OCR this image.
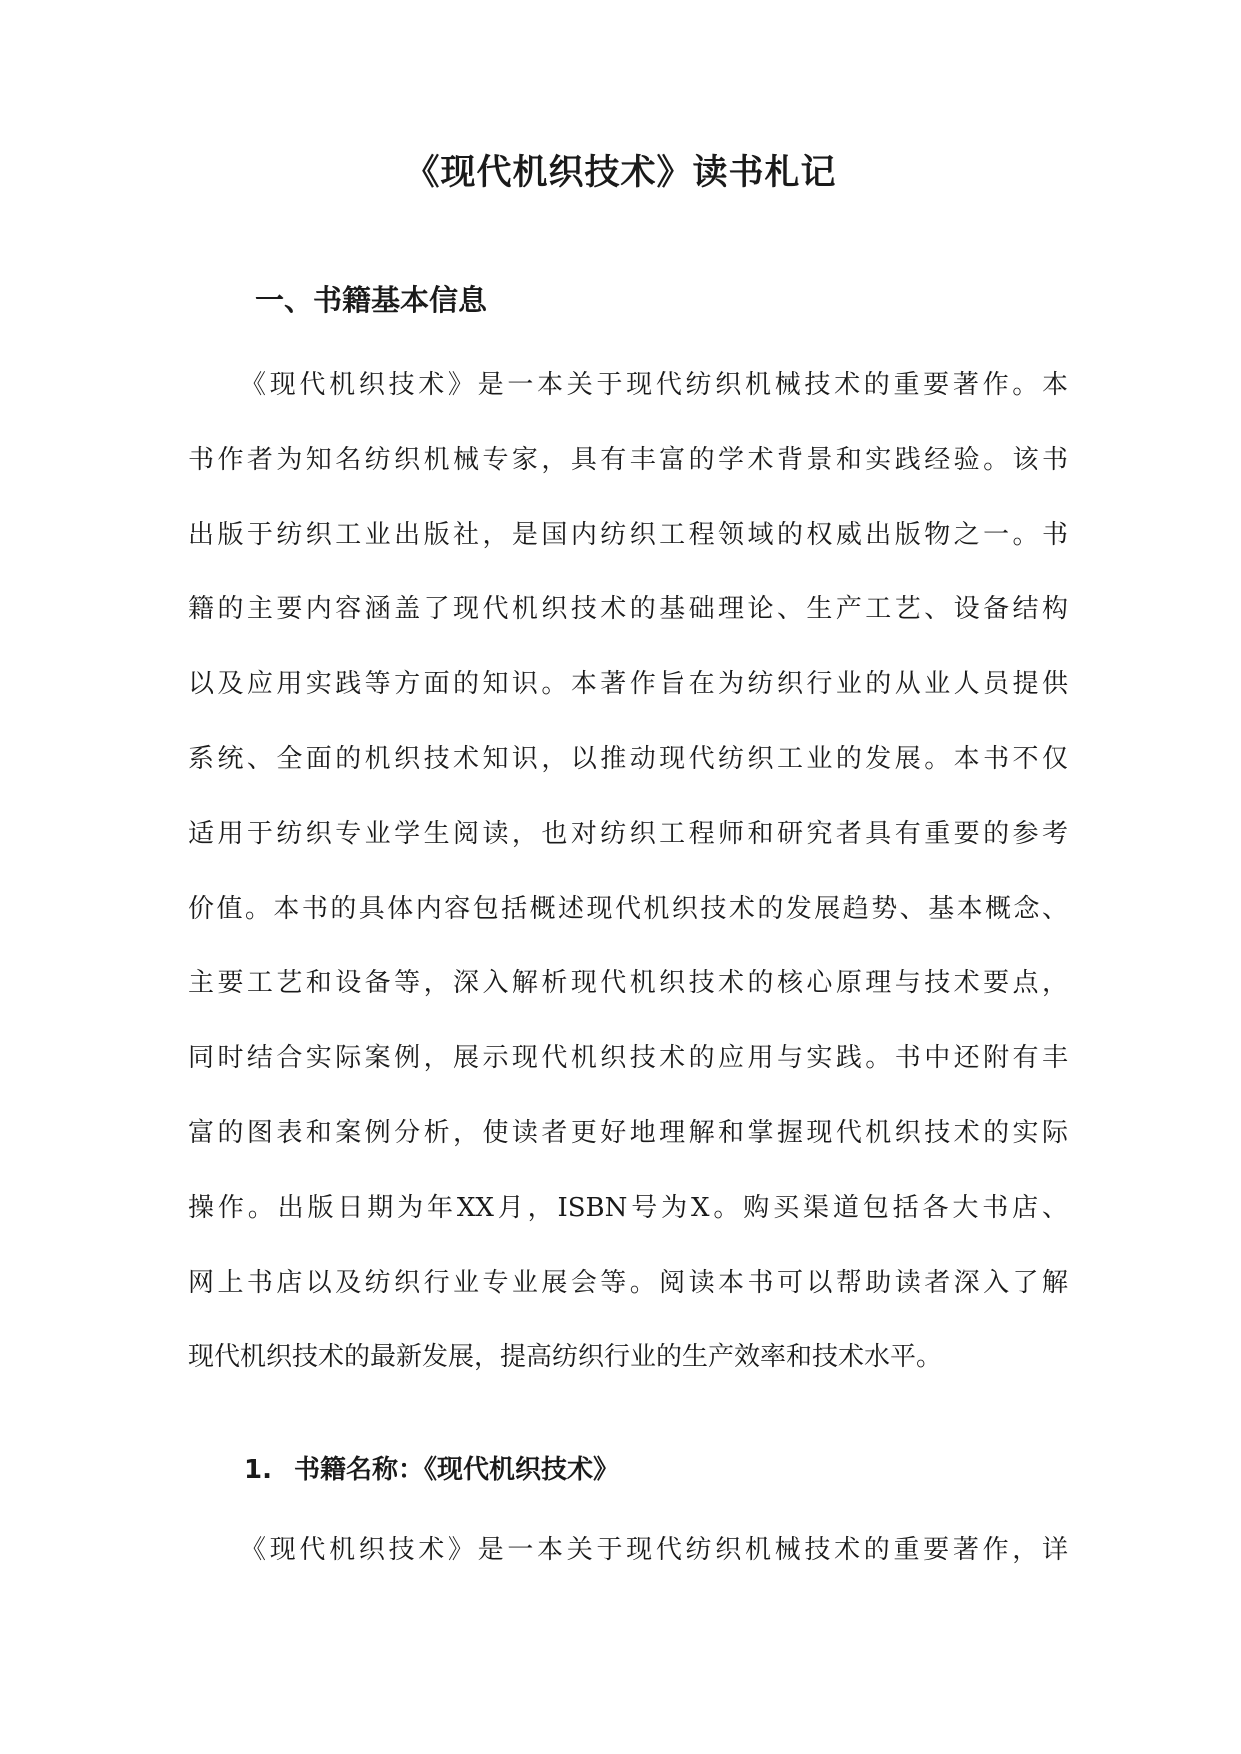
《现代机织技术》读书札记
一、书籍基本信息
《现代机织技术》是一本关于现代纺织机械技术的重要著作。本
书作者为知名纺织机械专家，具有丰富的学术背景和实践经验。该书
出版于纺织工业出版社，是国内纺织工程领域的权威出版物之一。书
籍的主要内容涵盖了现代机织技术的基础理论、生产工艺、设备结构
以及应用实践等方面的知识。本著作旨在为纺织行业的从业人员提供
系统、全面的机织技术知识，以推动现代纺织工业的发展。本书不仅
适用于纺织专业学生阅读，也对纺织工程师和研究者具有重要的参考
价值。本书的具体内容包括概述现代机织技术的发展趋势、基本概念、
主要工艺和设备等，深入解析现代机织技术的核心原理与技术要点，
同时结合实际案例，展示现代机织技术的应用与实践。书中还附有丰
富的图表和案例分析，使读者更好地理解和掌握现代机织技术的实际
操作。出版日期为年XX月，ISBN号为X。购买渠道包括各大书店、
网上书店以及纺织行业专业展会等。阅读本书可以帮助读者深入了解
现代机织技术的最新发展，提高纺织行业的生产效率和技术水平。
1. 书籍名称：《现代机织技术》

《现代机织技术》是一本关于现代纺织机械技术的重要著作，详
